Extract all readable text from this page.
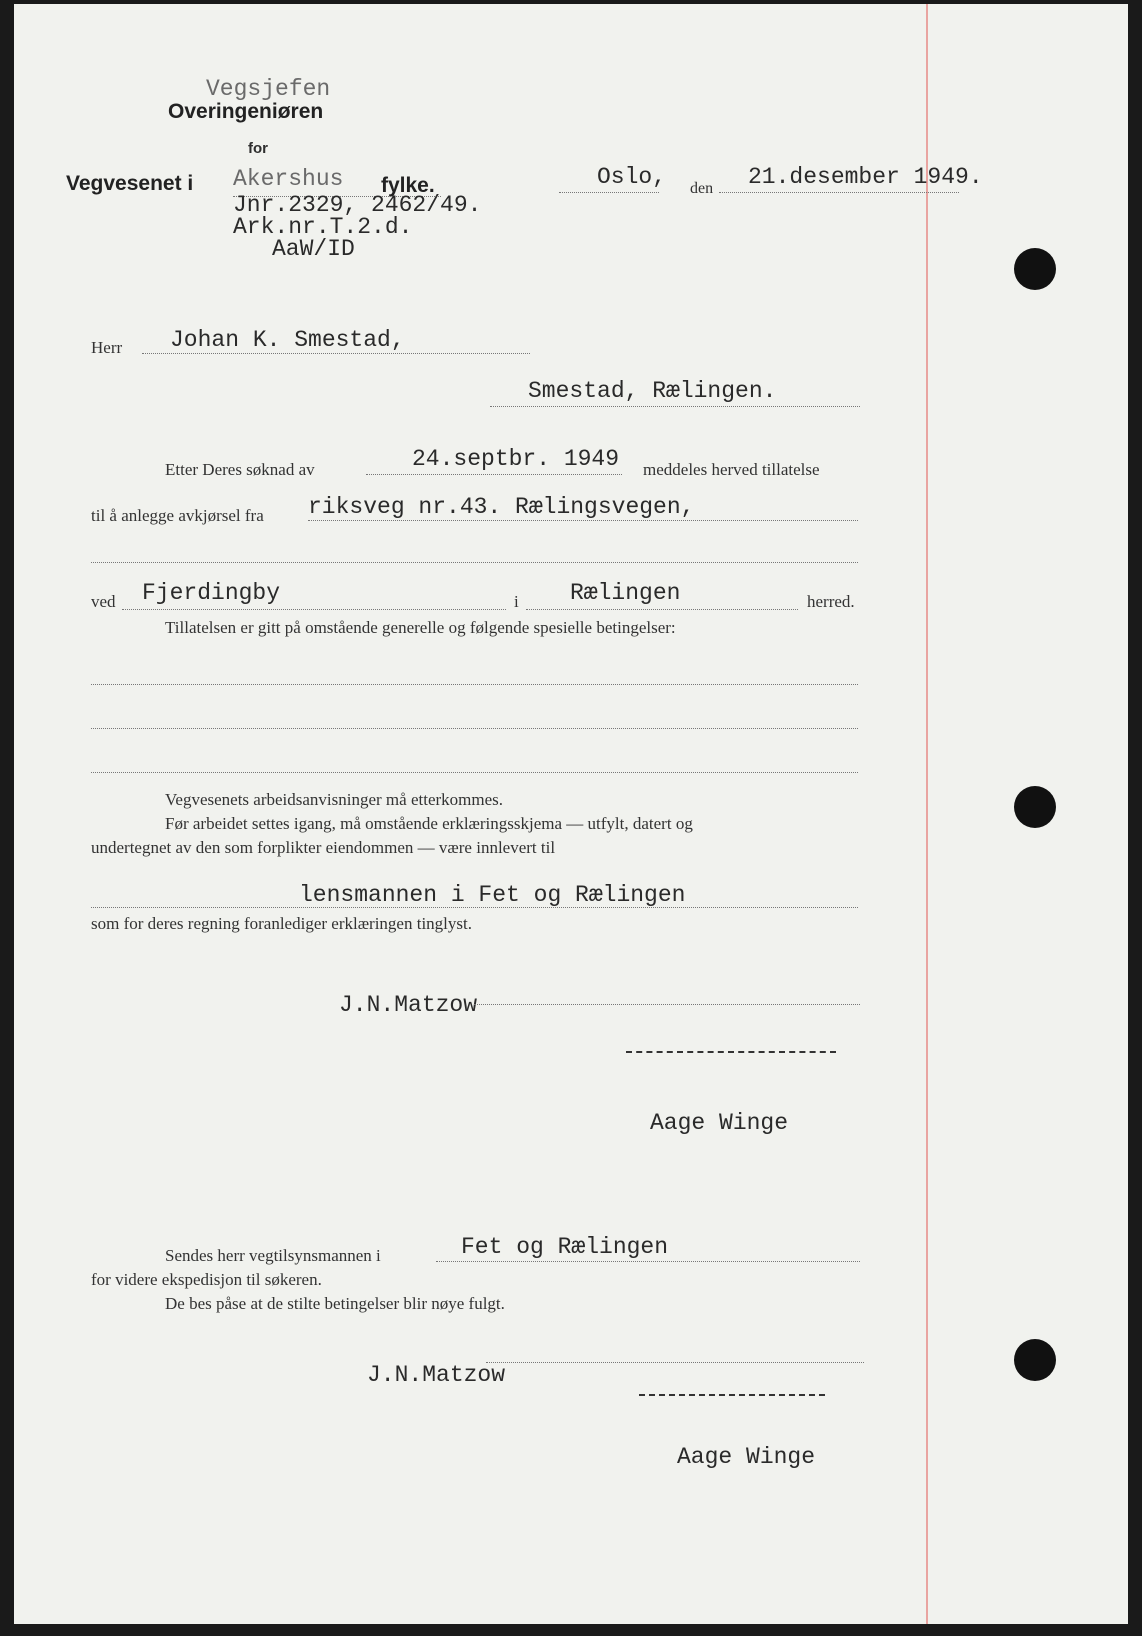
Vegsjefen
Overingeniøren
for
Vegvesenet i Akershus fylke.
Jnr.2329, 2462/49.
Ark.nr.T.2.d.
AaW/ID
Oslo, den 21.desember 1949.
Herr Johan K. Smestad,
Smestad, Rælingen.
Etter Deres søknad av	24.septbr. 1949 meddeles herved tillatelse
til å anlegge avkjørsel fra riksveg nr.43. Rælingsvegen,
ved Fjerdingby	i Rælingen	herred.
Tillatelsen er gitt på omstående generelle og følgende spesielle betingelser:
Vegvesenets arbeidsanvisninger må etterkommes.
Før arbeidet settes igang, må omstående erklæringsskjema — utfylt, datert og
undertegnet av den som forplikter eiendommen — være innlevert til
lensmannen i Fet og Rælingen
som for deres regning foranlediger erklæringen tinglyst.
J.N.Matzow
Aage Winge
Sendes herr vegtilsynsmannen i	Fet og Rælingen
for videre ekspedisjon til søkeren.
De bes påse at de stilte betingelser blir nøye fulgt.
J.N.Matzow
Aage Winge
